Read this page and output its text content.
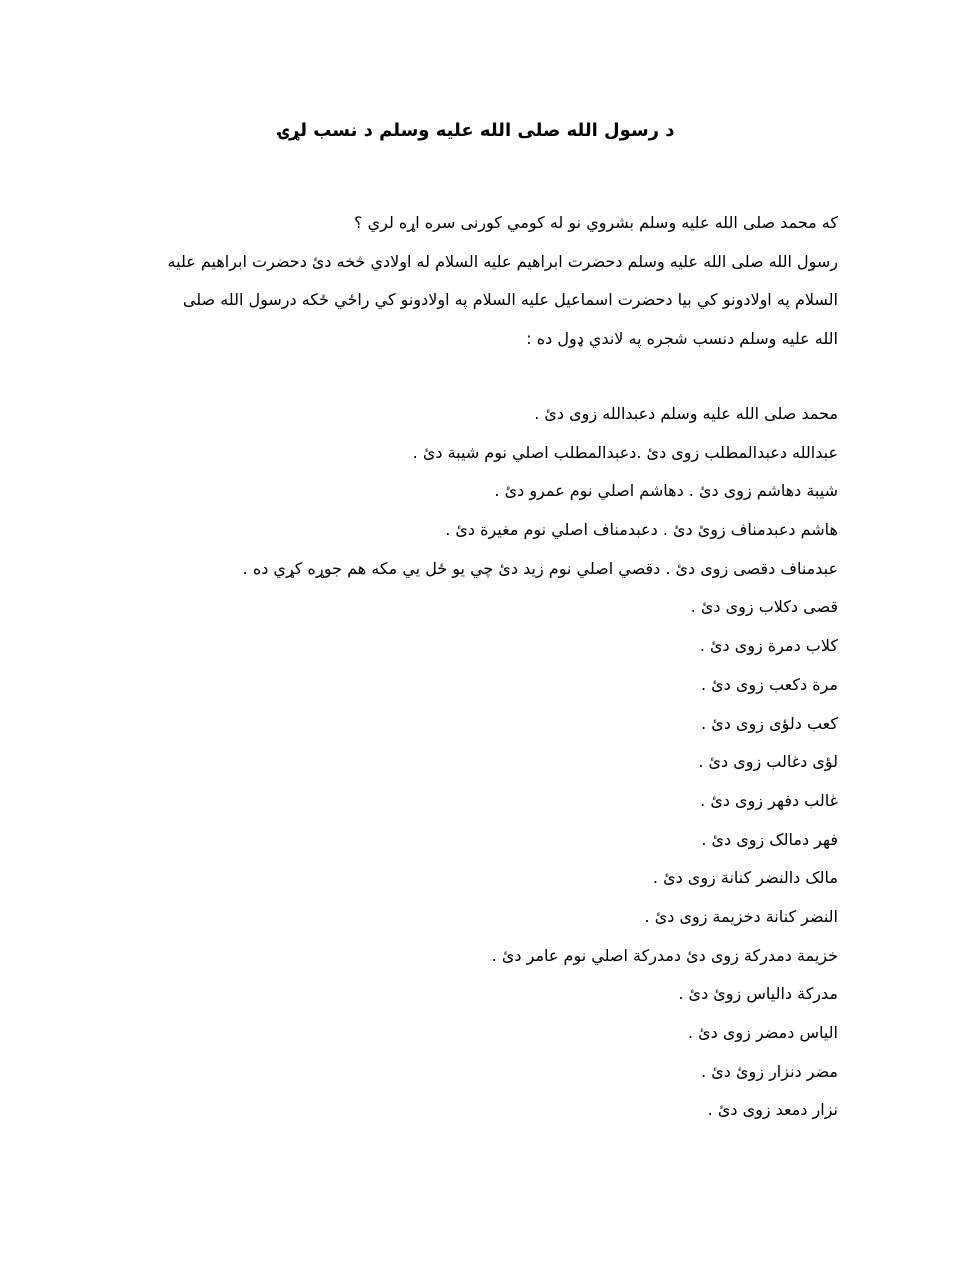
د رسول الله صلی الله علیه وسلم د نسب لړۍ
که محمد صلی الله علیه وسلم بشروي نو له کومي کورنی سره اړه لري ؟
رسول الله صلی الله علیه وسلم دحضرت ابراهيم عليه السلام له اولادي څخه دئ دحضرت ابراهيم عليه
السلام په اولادونو کي بيا دحضرت اسماعيل عليه السلام په اولادونو کي راځي ځکه درسول الله صلی
الله علیه وسلم دنسب شجره په لاندي ډول ده :
محمد صلی الله علیه وسلم دعبدالله زوی دئ .
عبدالله دعبدالمطلب زوی دئ .دعبدالمطلب اصلي نوم شيبة دئ .
شيبة دهاشم زوی دئ . دهاشم اصلي نوم عمرو دئ .
هاشم دعبدمناف زوئ دئ . دعبدمناف اصلي نوم مغيرة دئ .
عبدمناف دقصی زوی دئ . دقصي اصلي نوم زيد دئ چي يو ځل يي مکه هم جوړه کړي ده .
قصی دکلاب زوی دئ .
کلاب دمرة زوی دئ .
مرة دکعب زوی دئ .
کعب دلؤی زوی دئ .
لؤی دغالب زوی دئ .
غالب دفهر زوی دئ .
فهر دمالک زوی دئ .
مالک دالنضر کنانة زوی دئ .
النضر کنانة دخزيمة زوی دئ .
خزيمة دمدرکة زوی دئ دمدرکة اصلي نوم عامر دئ .
مدرکة دالياس زوئ دئ .
الياس دمضر زوی دئ .
مضر دنزار زوئ دئ .
نزار دمعد زوی دئ .
